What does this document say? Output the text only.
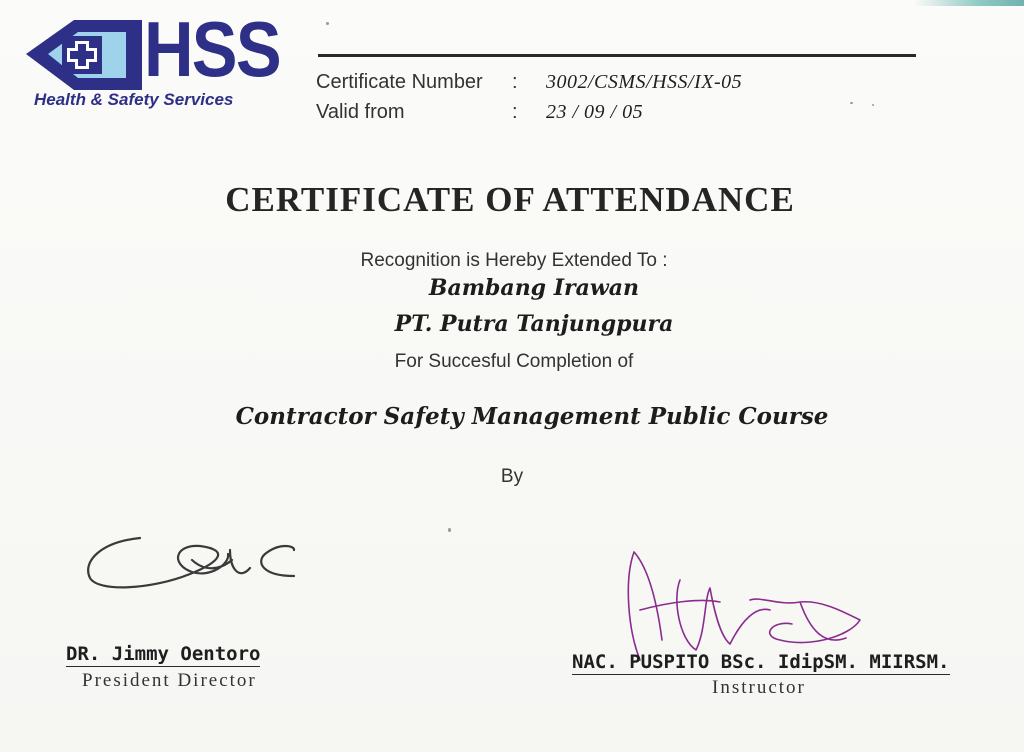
HSS
Health & Safety Services
Certificate Number : 3002/CSMS/HSS/IX-05
Valid from	: 23 / 09 / 05
CERTIFICATE OF ATTENDANCE
Recognition is Hereby Extended To :
Bambang Irawan
PT. Putra Tanjungpura
For Succesful Completion of
Contractor Safety Management Public Course
By
DR. Jimmy Oentoro
President Director
NAC. PUSPITO BSc. IdipSM. MIIRSM.
Instructor
